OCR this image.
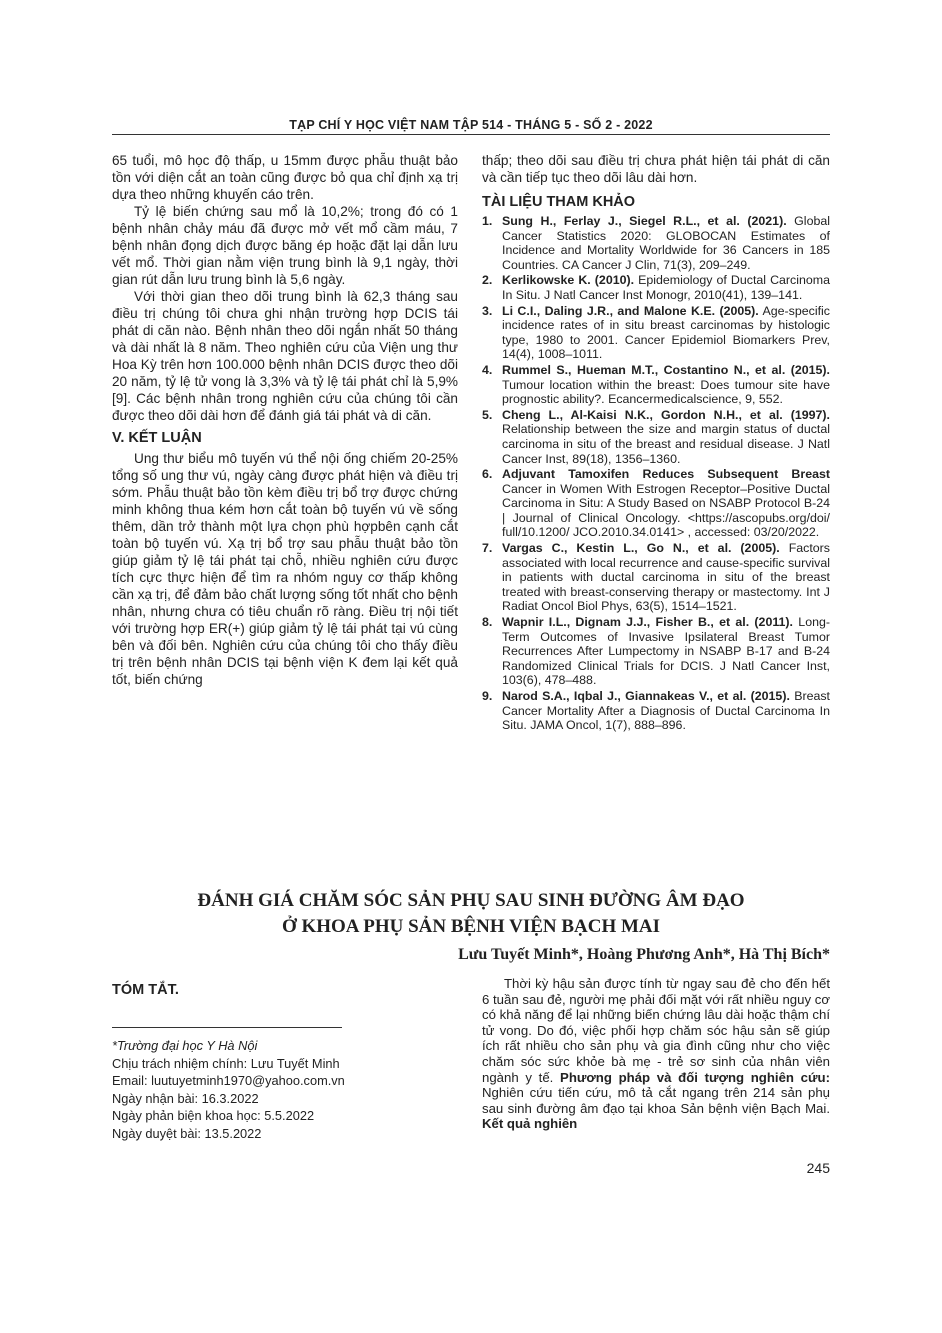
TẠP CHÍ Y HỌC VIỆT NAM TẬP 514 - THÁNG 5 - SỐ 2 - 2022

65 tuổi, mô học độ thấp, u 15mm được phẫu thuật bảo tồn với diện cắt an toàn cũng được bỏ qua chỉ định xạ trị dựa theo những khuyến cáo trên.

Tỷ lệ biến chứng sau mổ là 10,2%; trong đó có 1 bệnh nhân chảy máu đã được mở vết mổ cầm máu, 7 bệnh nhân đọng dịch được băng ép hoặc đặt lại dẫn lưu vết mổ. Thời gian nằm viện trung bình là 9,1 ngày, thời gian rút dẫn lưu trung bình là 5,6 ngày.

Với thời gian theo dõi trung bình là 62,3 tháng sau điều trị chúng tôi chưa ghi nhận trường hợp DCIS tái phát di căn nào. Bệnh nhân theo dõi ngắn nhất 50 tháng và dài nhất là 8 năm. Theo nghiên cứu của Viện ung thư Hoa Kỳ trên hơn 100.000 bệnh nhân DCIS được theo dõi 20 năm, tỷ lệ tử vong là 3,3% và tỷ lệ tái phát chỉ là 5,9% [9]. Các bệnh nhân trong nghiên cứu của chúng tôi cần được theo dõi dài hơn để đánh giá tái phát và di căn.

V. KẾT LUẬN

Ung thư biểu mô tuyến vú thể nội ống chiếm 20-25% tổng số ung thư vú, ngày càng được phát hiện và điều trị sớm. Phẫu thuật bảo tồn kèm điều trị bổ trợ được chứng minh không thua kém hơn cắt toàn bộ tuyến vú về sống thêm, dần trở thành một lựa chọn phù hợpbên cạnh cắt toàn bộ tuyến vú. Xạ trị bổ trợ sau phẫu thuật bảo tồn giúp giảm tỷ lệ tái phát tại chỗ, nhiều nghiên cứu được tích cực thực hiện để tìm ra nhóm nguy cơ thấp không cần xạ trị, để đảm bảo chất lượng sống tốt nhất cho bệnh nhân, nhưng chưa có tiêu chuẩn rõ ràng. Điều trị nội tiết với trường hợp ER(+) giúp giảm tỷ lệ tái phát tại vú cùng bên và đối bên. Nghiên cứu của chúng tôi cho thấy điều trị trên bệnh nhân DCIS tại bệnh viện K đem lại kết quả tốt, biến chứng

thấp; theo dõi sau điều trị chưa phát hiện tái phát di căn và cần tiếp tục theo dõi lâu dài hơn.

TÀI LIỆU THAM KHẢO
1. Sung H., Ferlay J., Siegel R.L., et al. (2021). Global Cancer Statistics 2020: GLOBOCAN Estimates of Incidence and Mortality Worldwide for 36 Cancers in 185 Countries. CA Cancer J Clin, 71(3), 209–249.
2. Kerlikowske K. (2010). Epidemiology of Ductal Carcinoma In Situ. J Natl Cancer Inst Monogr, 2010(41), 139–141.
3. Li C.I., Daling J.R., and Malone K.E. (2005). Age-specific incidence rates of in situ breast carcinomas by histologic type, 1980 to 2001. Cancer Epidemiol Biomarkers Prev, 14(4), 1008–1011.
4. Rummel S., Hueman M.T., Costantino N., et al. (2015). Tumour location within the breast: Does tumour site have prognostic ability?. Ecancermedicalscience, 9, 552.
5. Cheng L., Al-Kaisi N.K., Gordon N.H., et al. (1997). Relationship between the size and margin status of ductal carcinoma in situ of the breast and residual disease. J Natl Cancer Inst, 89(18), 1356–1360.
6. Adjuvant Tamoxifen Reduces Subsequent Breast Cancer in Women With Estrogen Receptor–Positive Ductal Carcinoma in Situ: A Study Based on NSABP Protocol B-24 | Journal of Clinical Oncology. <https://ascopubs.org/doi/ full/10.1200/ JCO.2010.34.0141> , accessed: 03/20/2022.
7. Vargas C., Kestin L., Go N., et al. (2005). Factors associated with local recurrence and cause-specific survival in patients with ductal carcinoma in situ of the breast treated with breast-conserving therapy or mastectomy. Int J Radiat Oncol Biol Phys, 63(5), 1514–1521.
8. Wapnir I.L., Dignam J.J., Fisher B., et al. (2011). Long-Term Outcomes of Invasive Ipsilateral Breast Tumor Recurrences After Lumpectomy in NSABP B-17 and B-24 Randomized Clinical Trials for DCIS. J Natl Cancer Inst, 103(6), 478–488.
9. Narod S.A., Iqbal J., Giannakeas V., et al. (2015). Breast Cancer Mortality After a Diagnosis of Ductal Carcinoma In Situ. JAMA Oncol, 1(7), 888–896.
ĐÁNH GIÁ CHĂM SÓC SẢN PHỤ SAU SINH ĐƯỜNG ÂM ĐẠO
Ở KHOA PHỤ SẢN BỆNH VIỆN BẠCH MAI
Lưu Tuyết Minh*, Hoàng Phương Anh*, Hà Thị Bích*
TÓM TẮT.
*Trường đại học Y Hà Nội
Chịu trách nhiệm chính: Lưu Tuyết Minh
Email: luutuyetminh1970@yahoo.com.vn
Ngày nhận bài: 16.3.2022
Ngày phản biện khoa học: 5.5.2022
Ngày duyệt bài: 13.5.2022

Thời kỳ hậu sản được tính từ ngay sau đẻ cho đến hết 6 tuần sau đẻ, người mẹ phải đối mặt với rất nhiều nguy cơ có khả năng để lại những biến chứng lâu dài hoặc thậm chí tử vong. Do đó, việc phối hợp chăm sóc hậu sản sẽ giúp ích rất nhiều cho sản phụ và gia đình cũng như cho việc chăm sóc sức khỏe bà mẹ - trẻ sơ sinh của nhân viên ngành y tế. Phương pháp và đối tượng nghiên cứu: Nghiên cứu tiến cứu, mô tả cắt ngang trên 214 sản phụ sau sinh đường âm đạo tại khoa Sản bệnh viện Bạch Mai. Kết quả nghiên

245
